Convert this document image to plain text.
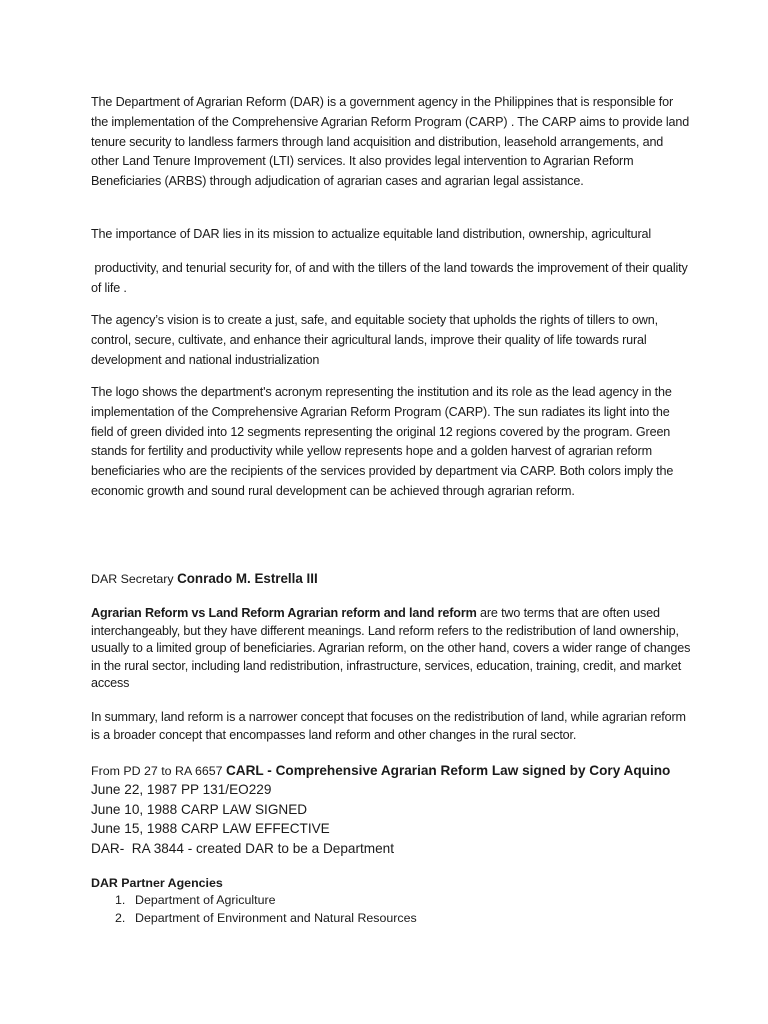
The Department of Agrarian Reform (DAR) is a government agency in the Philippines that is responsible for the implementation of the Comprehensive Agrarian Reform Program (CARP) . The CARP aims to provide land tenure security to landless farmers through land acquisition and distribution, leasehold arrangements, and other Land Tenure Improvement (LTI) services. It also provides legal intervention to Agrarian Reform Beneficiaries (ARBS) through adjudication of agrarian cases and agrarian legal assistance.

The importance of DAR lies in its mission to actualize equitable land distribution, ownership, agricultural

productivity, and tenurial security for, of and with the tillers of the land towards the improvement of their quality of life .

The agency’s vision is to create a just, safe, and equitable society that upholds the rights of tillers to own, control, secure, cultivate, and enhance their agricultural lands, improve their quality of life towards rural development and national industrialization

The logo shows the department's acronym representing the institution and its role as the lead agency in the implementation of the Comprehensive Agrarian Reform Program (CARP). The sun radiates its light into the field of green divided into 12 segments representing the original 12 regions covered by the program. Green stands for fertility and productivity while yellow represents hope and a golden harvest of agrarian reform beneficiaries who are the recipients of the services provided by department via CARP. Both colors imply the economic growth and sound rural development can be achieved through agrarian reform.

DAR Secretary Conrado M. Estrella III

Agrarian Reform vs Land Reform Agrarian reform and land reform are two terms that are often used interchangeably, but they have different meanings. Land reform refers to the redistribution of land ownership, usually to a limited group of beneficiaries. Agrarian reform, on the other hand, covers a wider range of changes in the rural sector, including land redistribution, infrastructure, services, education, training, credit, and market access

In summary, land reform is a narrower concept that focuses on the redistribution of land, while agrarian reform is a broader concept that encompasses land reform and other changes in the rural sector.

From PD 27 to RA 6657 CARL - Comprehensive Agrarian Reform Law signed by Cory Aquino
June 22, 1987 PP 131/EO229
June 10, 1988 CARP LAW SIGNED
June 15, 1988 CARP LAW EFFECTIVE
DAR-  RA 3844 - created DAR to be a Department
DAR Partner Agencies
1. Department of Agriculture
2. Department of Environment and Natural Resources
